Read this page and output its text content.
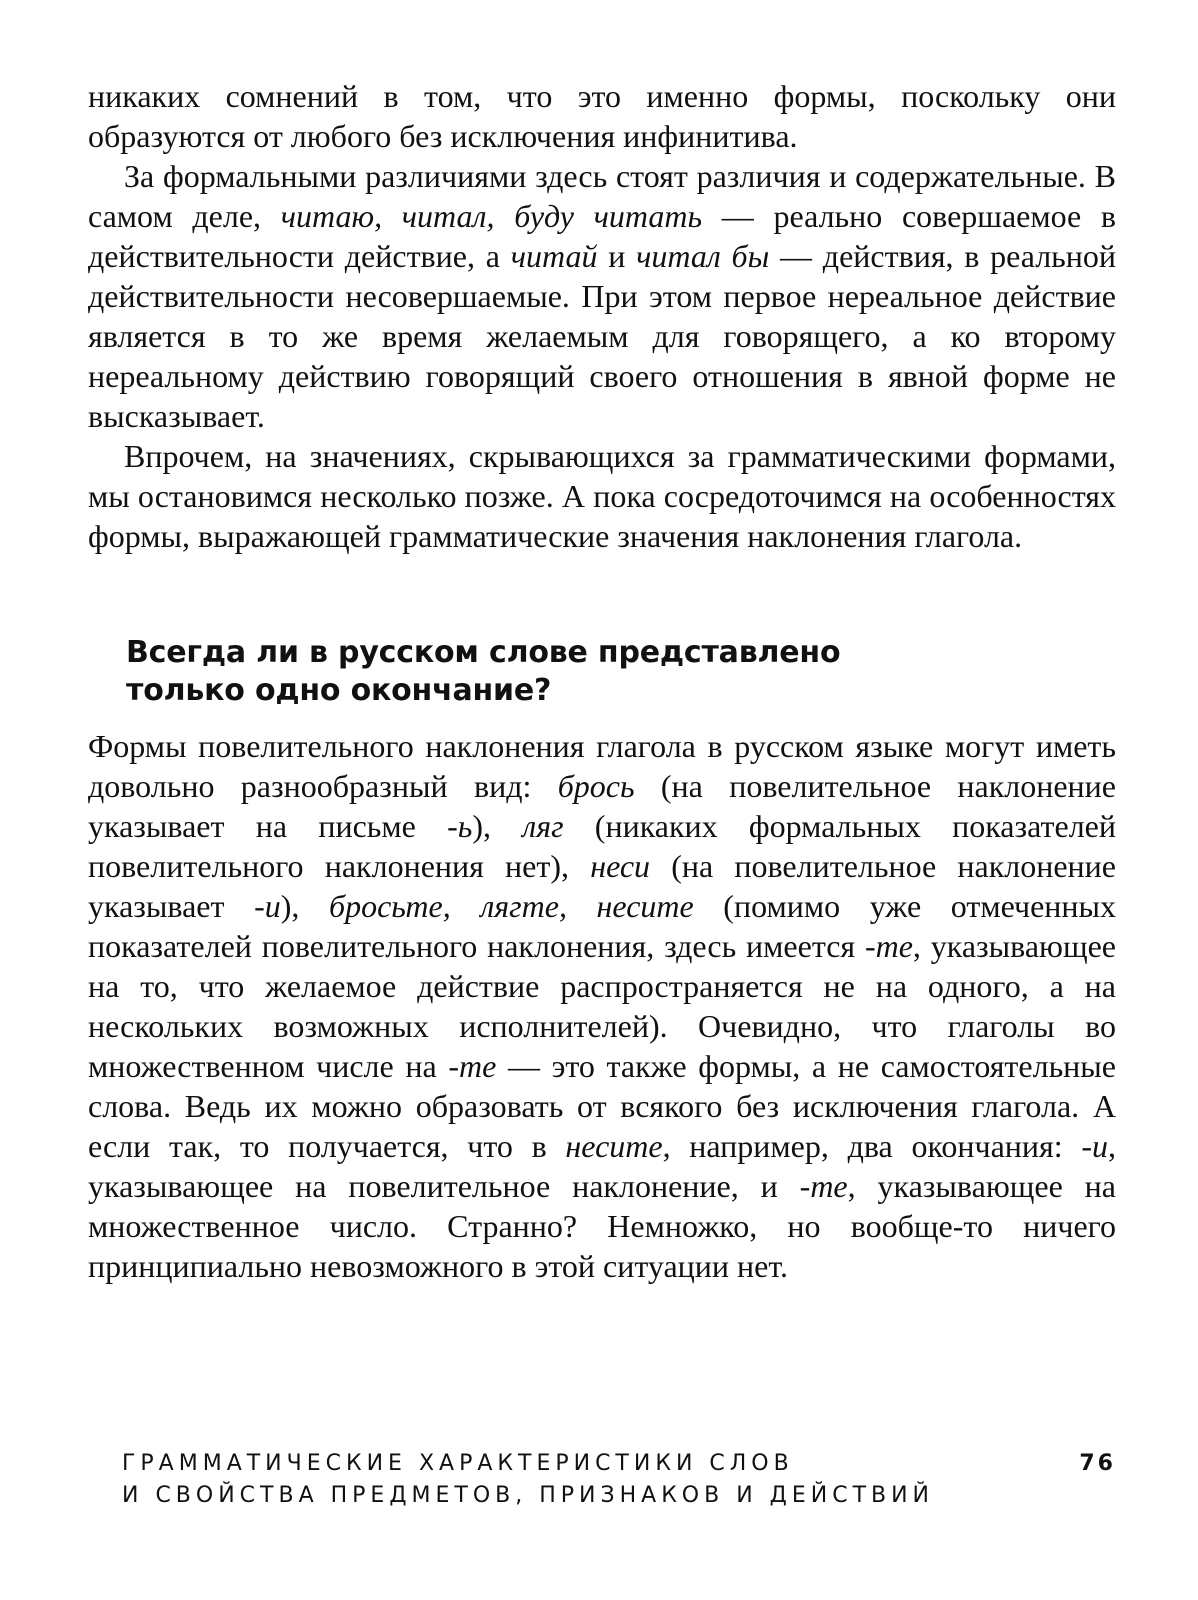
никаких сомнений в том, что это именно формы, поскольку они образуются от любого без исключения инфинитива.

За формальными различиями здесь стоят различия и содержательные. В самом деле, читаю, читал, буду читать — реально совершаемое в действительности действие, а читай и читал бы — действия, в реальной действительности несовершаемые. При этом первое нереальное действие является в то же время желаемым для говорящего, а ко второму нереальному действию говорящий своего отношения в явной форме не высказывает.

Впрочем, на значениях, скрывающихся за грамматическими формами, мы остановимся несколько позже. А пока сосредоточимся на особенностях формы, выражающей грамматические значения наклонения глагола.

Всегда ли в русском слове представлено
только одно окончание?

Формы повелительного наклонения глагола в русском языке могут иметь довольно разнообразный вид: брось (на повелительное наклонение указывает на письме -ь), ляг (никаких формальных показателей повелительного наклонения нет), неси (на повелительное наклонение указывает -и), бросьте, лягте, несите (помимо уже отмеченных показателей повелительного наклонения, здесь имеется -те, указывающее на то, что желаемое действие распространяется не на одного, а на нескольких возможных исполнителей). Очевидно, что глаголы во множественном числе на -те — это также формы, а не самостоятельные слова. Ведь их можно образовать от всякого без исключения глагола. А если так, то получается, что в несите, например, два окончания: -и, указывающее на повелительное наклонение, и -те, указывающее на множественное число. Странно? Немножко, но вообще-то ничего принципиально невозможного в этой ситуации нет.

ГРАММАТИЧЕСКИЕ ХАРАКТЕРИСТИКИ СЛОВ
И СВОЙСТВА ПРЕДМЕТОВ, ПРИЗНАКОВ И ДЕЙСТВИЙ
76
